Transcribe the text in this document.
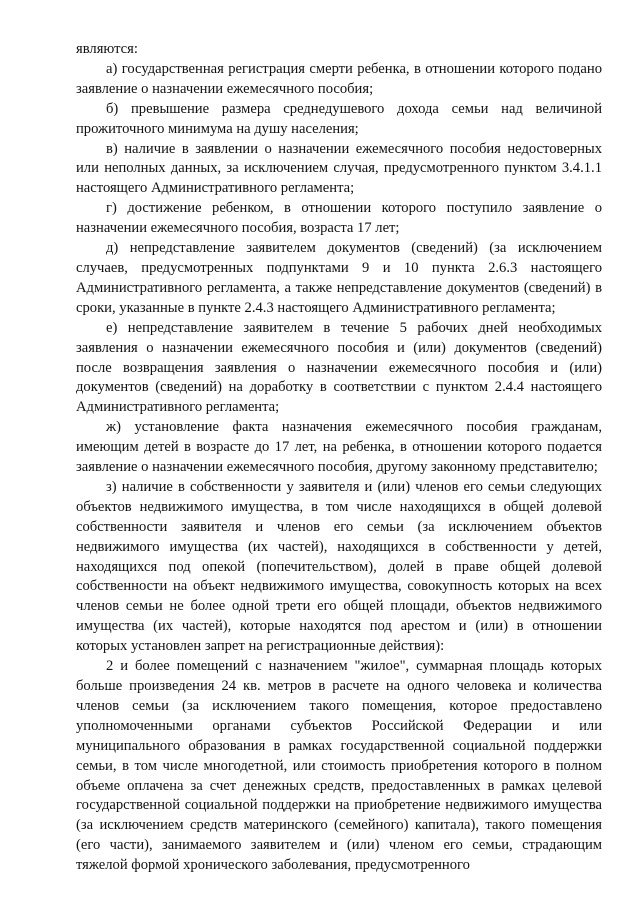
являются:

а) государственная регистрация смерти ребенка, в отношении которого подано заявление о назначении ежемесячного пособия;

б) превышение размера среднедушевого дохода семьи над величиной прожиточного минимума на душу населения;

в) наличие в заявлении о назначении ежемесячного пособия недостоверных или неполных данных, за исключением случая, предусмотренного пунктом 3.4.1.1 настоящего Административного регламента;

г) достижение ребенком, в отношении которого поступило заявление о назначении ежемесячного пособия, возраста 17 лет;

д) непредставление заявителем документов (сведений) (за исключением случаев, предусмотренных подпунктами 9 и 10 пункта 2.6.3 настоящего Административного регламента, а также непредставление документов (сведений) в сроки, указанные в пункте 2.4.3 настоящего Административного регламента;

е) непредставление заявителем в течение 5 рабочих дней необходимых заявления о назначении ежемесячного пособия и (или) документов (сведений) после возвращения заявления о назначении ежемесячного пособия и (или) документов (сведений) на доработку в соответствии с пунктом 2.4.4 настоящего Административного регламента;

ж) установление факта назначения ежемесячного пособия гражданам, имеющим детей в возрасте до 17 лет, на ребенка, в отношении которого подается заявление о назначении ежемесячного пособия, другому законному представителю;

з) наличие в собственности у заявителя и (или) членов его семьи следующих объектов недвижимого имущества, в том числе находящихся в общей долевой собственности заявителя и членов его семьи (за исключением объектов недвижимого имущества (их частей), находящихся в собственности у детей, находящихся под опекой (попечительством), долей в праве общей долевой собственности на объект недвижимого имущества, совокупность которых на всех членов семьи не более одной трети его общей площади, объектов недвижимого имущества (их частей), которые находятся под арестом и (или) в отношении которых установлен запрет на регистрационные действия):

2 и более помещений с назначением "жилое", суммарная площадь которых больше произведения 24 кв. метров в расчете на одного человека и количества членов семьи (за исключением такого помещения, которое предоставлено уполномоченными органами субъектов Российской Федерации и или муниципального образования в рамках государственной социальной поддержки семьи, в том числе многодетной, или стоимость приобретения которого в полном объеме оплачена за счет денежных средств, предоставленных в рамках целевой государственной социальной поддержки на приобретение недвижимого имущества (за исключением средств материнского (семейного) капитала), такого помещения (его части), занимаемого заявителем и (или) членом его семьи, страдающим тяжелой формой хронического заболевания, предусмотренного
